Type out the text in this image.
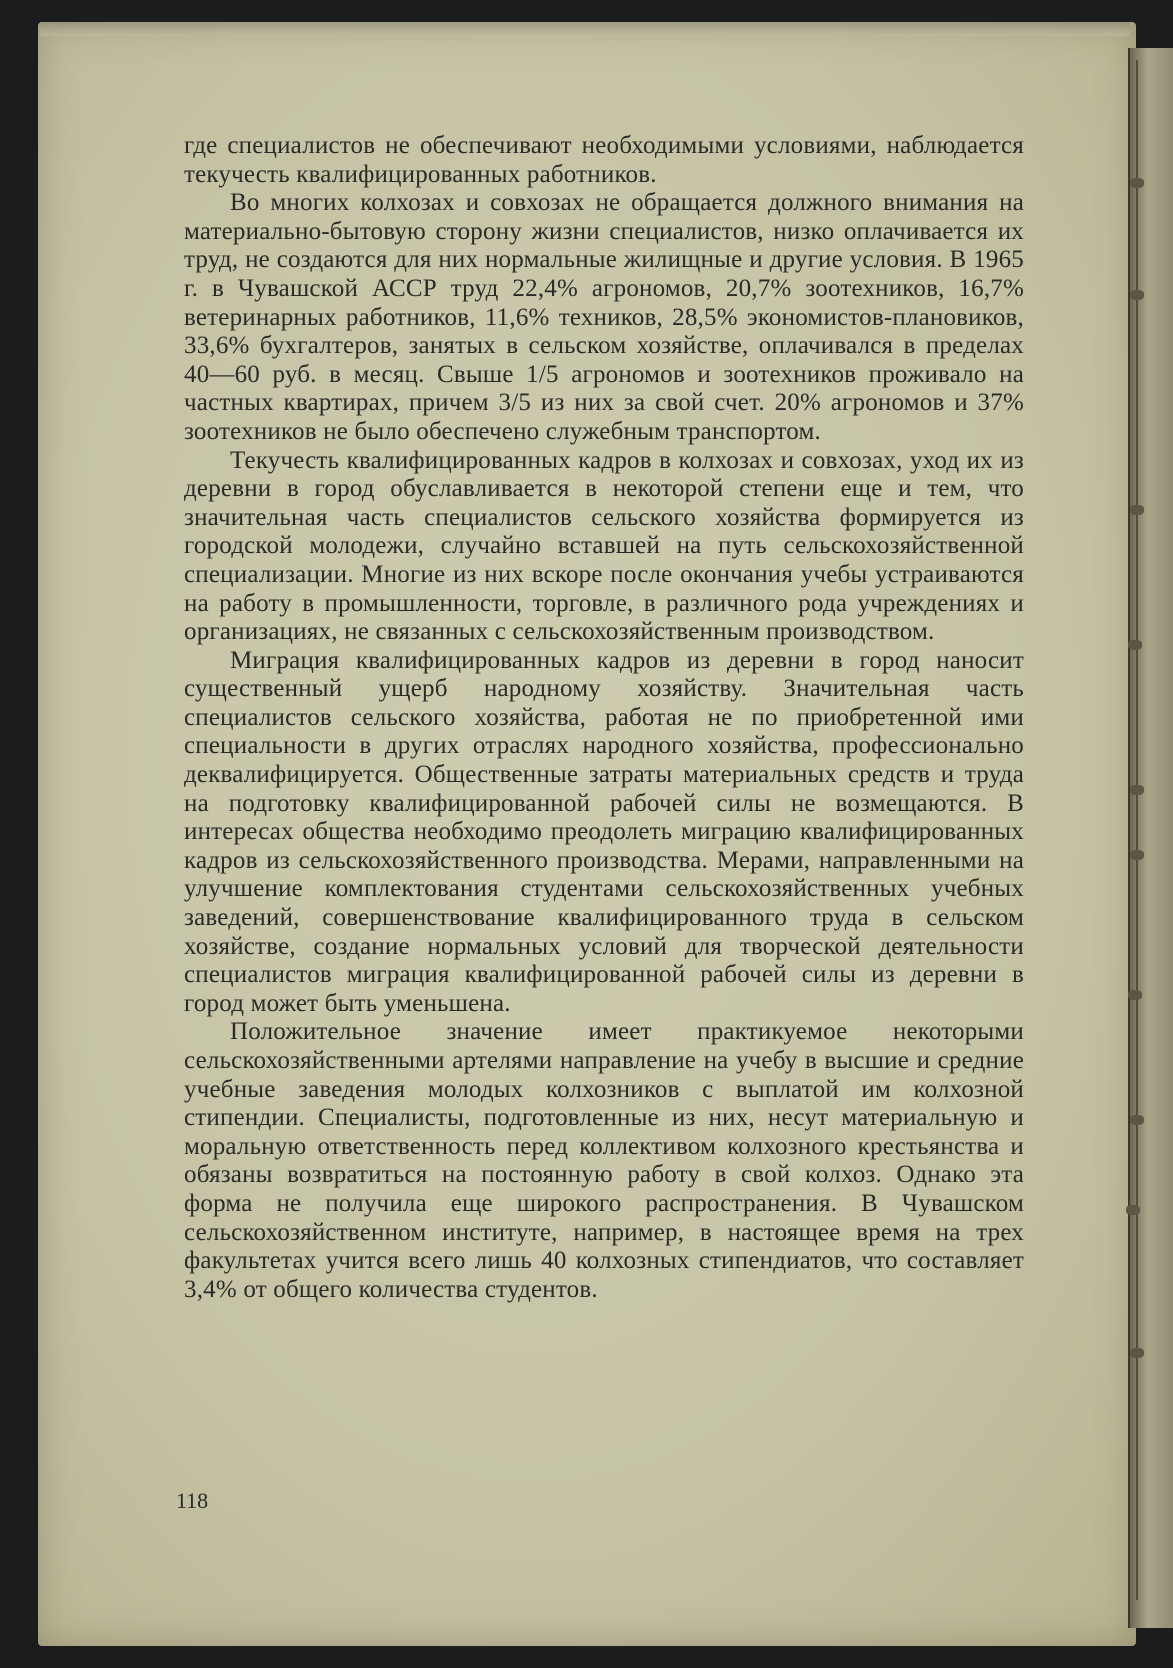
где специалистов не обеспечивают необходимыми условиями, наблюдается текучесть квалифицированных работников.

Во многих колхозах и совхозах не обращается должного внимания на материально-бытовую сторону жизни специалистов, низко оплачивается их труд, не создаются для них нормальные жилищные и другие условия. В 1965 г. в Чувашской АССР труд 22,4% агрономов, 20,7% зоотехников, 16,7% ветеринарных работников, 11,6% техников, 28,5% экономистов-плановиков, 33,6% бухгалтеров, занятых в сельском хозяйстве, оплачивался в пределах 40—60 руб. в месяц. Свыше 1/5 агрономов и зоотехников проживало на частных квартирах, причем 3/5 из них за свой счет. 20% агрономов и 37% зоотехников не было обеспечено служебным транспортом.

Текучесть квалифицированных кадров в колхозах и совхозах, уход их из деревни в город обуславливается в некоторой степени еще и тем, что значительная часть специалистов сельского хозяйства формируется из городской молодежи, случайно вставшей на путь сельскохозяйственной специализации. Многие из них вскоре после окончания учебы устраиваются на работу в промышленности, торговле, в различного рода учреждениях и организациях, не связанных с сельскохозяйственным производством.

Миграция квалифицированных кадров из деревни в город наносит существенный ущерб народному хозяйству. Значительная часть специалистов сельского хозяйства, работая не по приобретенной ими специальности в других отраслях народного хозяйства, профессионально деквалифицируется. Общественные затраты материальных средств и труда на подготовку квалифицированной рабочей силы не возмещаются. В интересах общества необходимо преодолеть миграцию квалифицированных кадров из сельскохозяйственного производства. Мерами, направленными на улучшение комплектования студентами сельскохозяйственных учебных заведений, совершенствование квалифицированного труда в сельском хозяйстве, создание нормальных условий для творческой деятельности специалистов миграция квалифицированной рабочей силы из деревни в город может быть уменьшена.

Положительное значение имеет практикуемое некоторыми сельскохозяйственными артелями направление на учебу в высшие и средние учебные заведения молодых колхозников с выплатой им колхозной стипендии. Специалисты, подготовленные из них, несут материальную и моральную ответственность перед коллективом колхозного крестьянства и обязаны возвратиться на постоянную работу в свой колхоз. Однако эта форма не получила еще широкого распространения. В Чувашском сельскохозяйственном институте, например, в настоящее время на трех факультетах учится всего лишь 40 колхозных стипендиатов, что составляет 3,4% от общего количества студентов.

118
